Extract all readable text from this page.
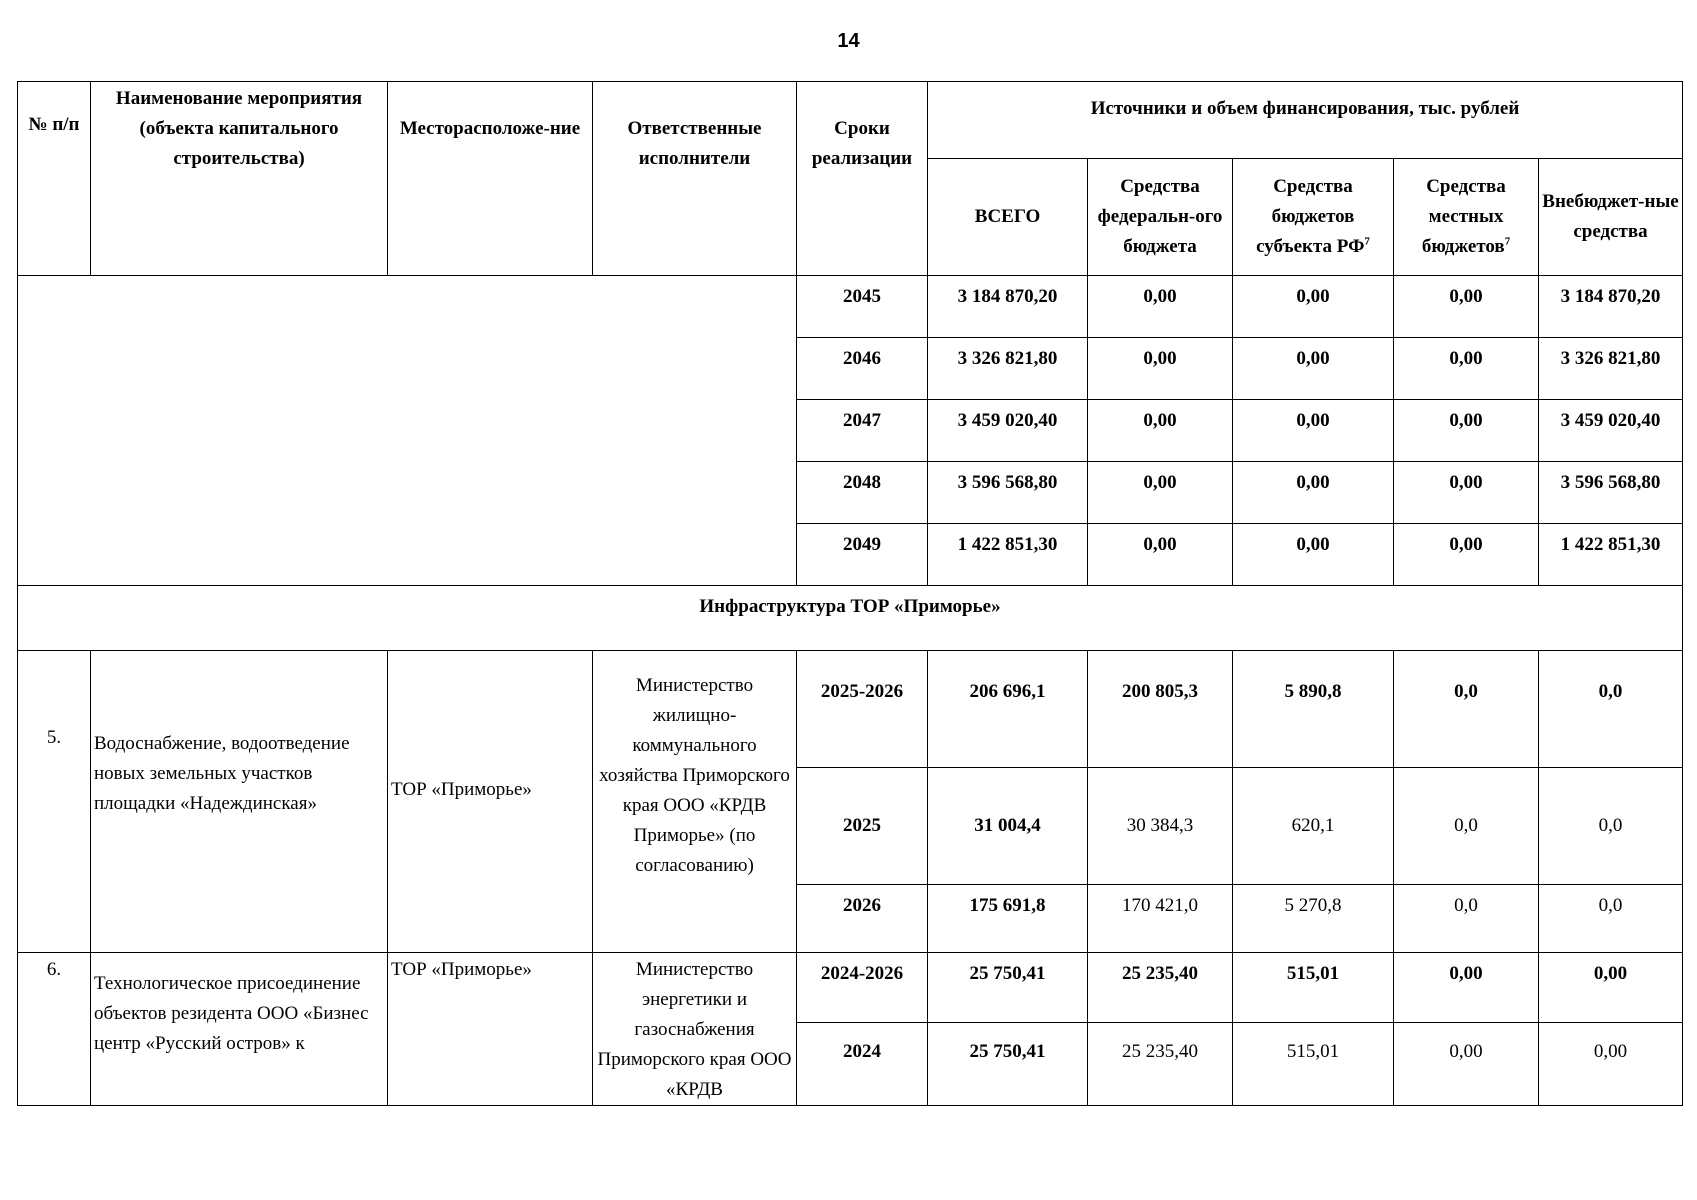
14
№ п/п	Наименование мероприятия (объекта капитального строительства)	Месторасположе-ние	Ответственные исполнители	Сроки реализации	Источники и объем финансирования, тыс. рублей				
					ВСЕГО	Средства федеральн-ого бюджета	Средства бюджетов субъекта $РФ^7$	Средства местных бюджетов$^7$	Внебюджет-ные средства
				2045	3 184 870,20	0,00	0,00	0,00	3 184 870,20
				2046	3 326 821,80	0,00	0,00	0,00	3 326 821,80
				2047	3 459 020,40	0,00	0,00	0,00	3 459 020,40
				2048	3 596 568,80	0,00	0,00	0,00	3 596 568,80
				2049	1 422 851,30	0,00	0,00	0,00	1 422 851,30
Инфраструктура ТОР «Приморье»									
5.	Водоснабжение, водоотведение новых земельных участков площадки «Надеждинская»	ТОР «Приморье»	Министерство жилищно-коммунального хозяйства Приморского края ООО «КРДВ Приморье» (по согласованию)	2025-2026	206 696,1	200 805,3	5 890,8	0,0	0,0
				2025	31 004,4	30 384,3	620,1	0,0	0,0
				2026	175 691,8	170 421,0	5 270,8	0,0	0,0
6.	Технологическое присоединение объектов резидента ООО «Бизнес центр «Русский остров» к	ТОР «Приморье»	Министерство энергетики и газоснабжения Приморского края ООО «КРДВ	2024-2026	25 750,41	25 235,40	515,01	0,00	0,00
				2024	25 750,41	25 235,40	515,01	0,00	0,00
